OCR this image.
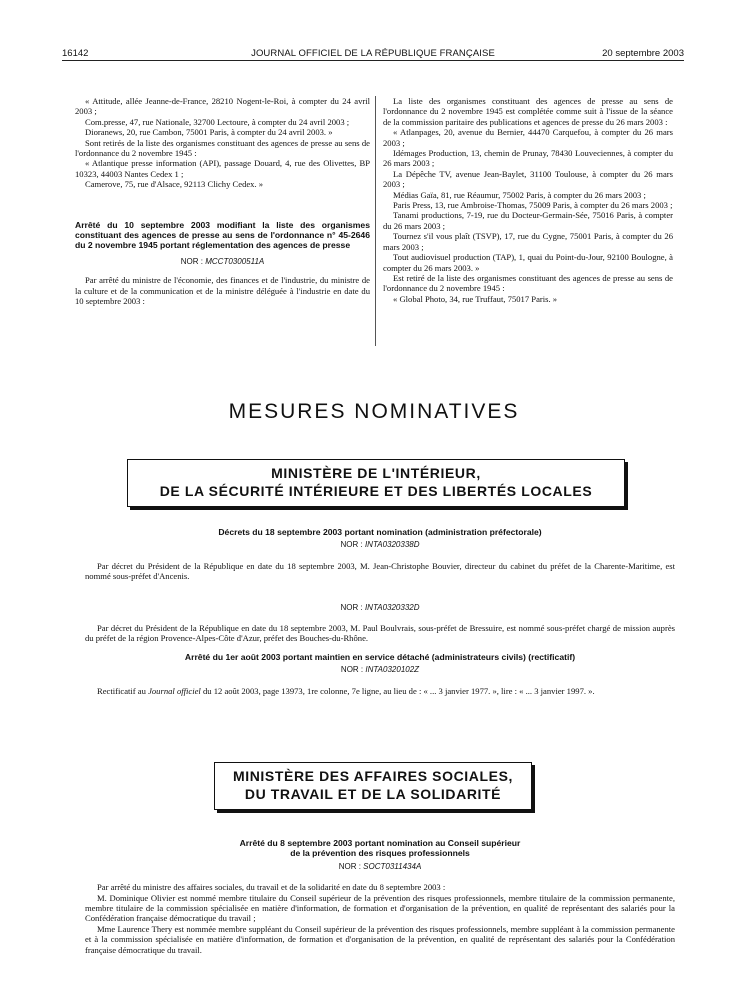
16142	JOURNAL OFFICIEL DE LA RÉPUBLIQUE FRANÇAISE	20 septembre 2003

« Attitude, allée Jeanne-de-France, 28210 Nogent-le-Roi, à compter du 24 avril 2003 ;

Com.presse, 47, rue Nationale, 32700 Lectoure, à compter du 24 avril 2003 ;

Dioranews, 20, rue Cambon, 75001 Paris, à compter du 24 avril 2003. »

Sont retirés de la liste des organismes constituant des agences de presse au sens de l'ordonnance du 2 novembre 1945 :

« Atlantique presse information (API), passage Douard, 4, rue des Olivettes, BP 10323, 44003 Nantes Cedex 1 ;

Camerove, 75, rue d'Alsace, 92113 Clichy Cedex. »

Arrêté du 10 septembre 2003 modifiant la liste des organismes constituant des agences de presse au sens de l'ordonnance n° 45-2646 du 2 novembre 1945 portant réglementation des agences de presse

NOR : MCCT0300511A

Par arrêté du ministre de l'économie, des finances et de l'industrie, du ministre de la culture et de la communication et de la ministre déléguée à l'industrie en date du 10 septembre 2003 :

La liste des organismes constituant des agences de presse au sens de l'ordonnance du 2 novembre 1945 est complétée comme suit à l'issue de la séance de la commission paritaire des publications et agences de presse du 26 mars 2003 :

« Atlanpages, 20, avenue du Bernier, 44470 Carquefou, à compter du 26 mars 2003 ;

Idémages Production, 13, chemin de Prunay, 78430 Louveciennes, à compter du 26 mars 2003 ;

La Dépêche TV, avenue Jean-Baylet, 31100 Toulouse, à compter du 26 mars 2003 ;

Médias Gaïa, 81, rue Réaumur, 75002 Paris, à compter du 26 mars 2003 ;

Paris Press, 13, rue Ambroise-Thomas, 75009 Paris, à compter du 26 mars 2003 ;

Tanami productions, 7-19, rue du Docteur-Germain-Sée, 75016 Paris, à compter du 26 mars 2003 ;

Tournez s'il vous plaît (TSVP), 17, rue du Cygne, 75001 Paris, à compter du 26 mars 2003 ;

Tout audiovisuel production (TAP), 1, quai du Point-du-Jour, 92100 Boulogne, à compter du 26 mars 2003. »

Est retiré de la liste des organismes constituant des agences de presse au sens de l'ordonnance du 2 novembre 1945 :

« Global Photo, 34, rue Truffaut, 75017 Paris. »

MESURES NOMINATIVES
MINISTÈRE DE L'INTÉRIEUR,
DE LA SÉCURITÉ INTÉRIEURE ET DES LIBERTÉS LOCALES

Décrets du 18 septembre 2003 portant nomination (administration préfectorale)

NOR : INTA0320338D

Par décret du Président de la République en date du 18 septembre 2003, M. Jean-Christophe Bouvier, directeur du cabinet du préfet de la Charente-Maritime, est nommé sous-préfet d'Ancenis.

NOR : INTA0320332D

Par décret du Président de la République en date du 18 septembre 2003, M. Paul Boulvrais, sous-préfet de Bressuire, est nommé sous-préfet chargé de mission auprès du préfet de la région Provence-Alpes-Côte d'Azur, préfet des Bouches-du-Rhône.

Arrêté du 1er août 2003 portant maintien en service détaché (administrateurs civils) (rectificatif)

NOR : INTA0320102Z

Rectificatif au Journal officiel du 12 août 2003, page 13973, 1re colonne, 7e ligne, au lieu de : « ... 3 janvier 1977. », lire : « ... 3 janvier 1997. ».

MINISTÈRE DES AFFAIRES SOCIALES,
DU TRAVAIL ET DE LA SOLIDARITÉ

Arrêté du 8 septembre 2003 portant nomination au Conseil supérieur

de la prévention des risques professionnels

NOR : SOCT0311434A

Par arrêté du ministre des affaires sociales, du travail et de la solidarité en date du 8 septembre 2003 :

M. Dominique Olivier est nommé membre titulaire du Conseil supérieur de la prévention des risques professionnels, membre titulaire de la commission permanente, membre titulaire de la commission spécialisée en matière d'information, de formation et d'organisation de la prévention, en qualité de représentant des salariés pour la Confédération française démocratique du travail ;

Mme Laurence Thery est nommée membre suppléant du Conseil supérieur de la prévention des risques professionnels, membre suppléant à la commission permanente et à la commission spécialisée en matière d'information, de formation et d'organisation de la prévention, en qualité de représentant des salariés pour la Confédération française démocratique du travail.
